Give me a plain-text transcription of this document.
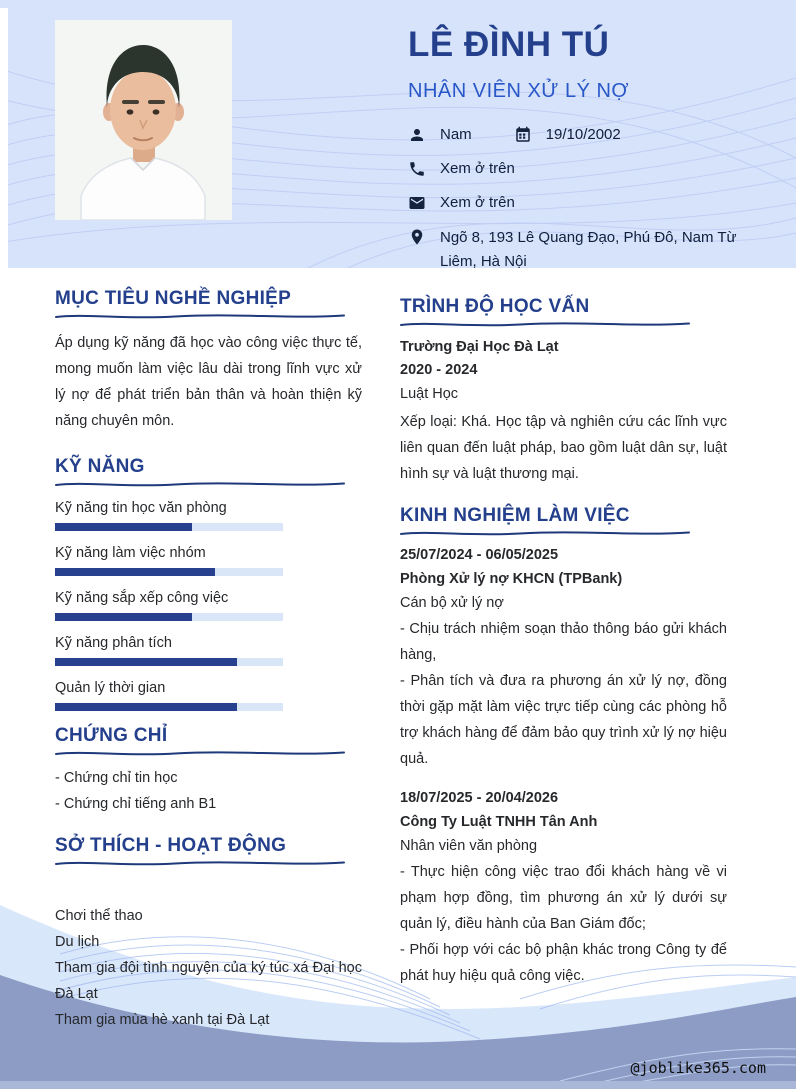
LÊ ĐÌNH TÚ
NHÂN VIÊN XỬ LÝ NỢ
Nam	19/10/2002
Xem ở trên
Xem ở trên
Ngõ 8, 193 Lê Quang Đạo, Phú Đô, Nam Từ Liêm, Hà Nội
MỤC TIÊU NGHỀ NGHIỆP

Áp dụng kỹ năng đã học vào công việc thực tế, mong muốn làm việc lâu dài trong lĩnh vực xử lý nợ để phát triển bản thân và hoàn thiện kỹ năng chuyên môn.

KỸ NĂNG
Kỹ năng tin học văn phòng
Kỹ năng làm việc nhóm
Kỹ năng sắp xếp công việc
Kỹ năng phân tích
Quản lý thời gian
CHỨNG CHỈ
- Chứng chỉ tin học
- Chứng chỉ tiếng anh B1
SỞ THÍCH - HOẠT ĐỘNG
Chơi thể thao
Du lịch
Tham gia đội tình nguyện của ký túc xá Đại học Đà Lạt
Tham gia mùa hè xanh tại Đà Lạt
TRÌNH ĐỘ HỌC VẤN
Trường Đại Học Đà Lạt
2020 - 2024
Luật Học

Xếp loại: Khá. Học tập và nghiên cứu các lĩnh vực liên quan đến luật pháp, bao gồm luật dân sự, luật hình sự và luật thương mại.

KINH NGHIỆM LÀM VIỆC
25/07/2024 - 06/05/2025
Phòng Xử lý nợ KHCN (TPBank)
Cán bộ xử lý nợ
- Chịu trách nhiệm soạn thảo thông báo gửi khách hàng,
- Phân tích và đưa ra phương án xử lý nợ, đồng thời gặp mặt làm việc trực tiếp cùng các phòng hỗ trợ khách hàng để đảm bảo quy trình xử lý nợ hiệu quả.
18/07/2025 - 20/04/2026
Công Ty Luật TNHH Tân Anh
Nhân viên văn phòng
- Thực hiện công việc trao đổi khách hàng về vi phạm hợp đồng, tìm phương án xử lý dưới sự quản lý, điều hành của Ban Giám đốc;
- Phối hợp với các bộ phận khác trong Công ty để phát huy hiệu quả công việc.
@joblike365.com
